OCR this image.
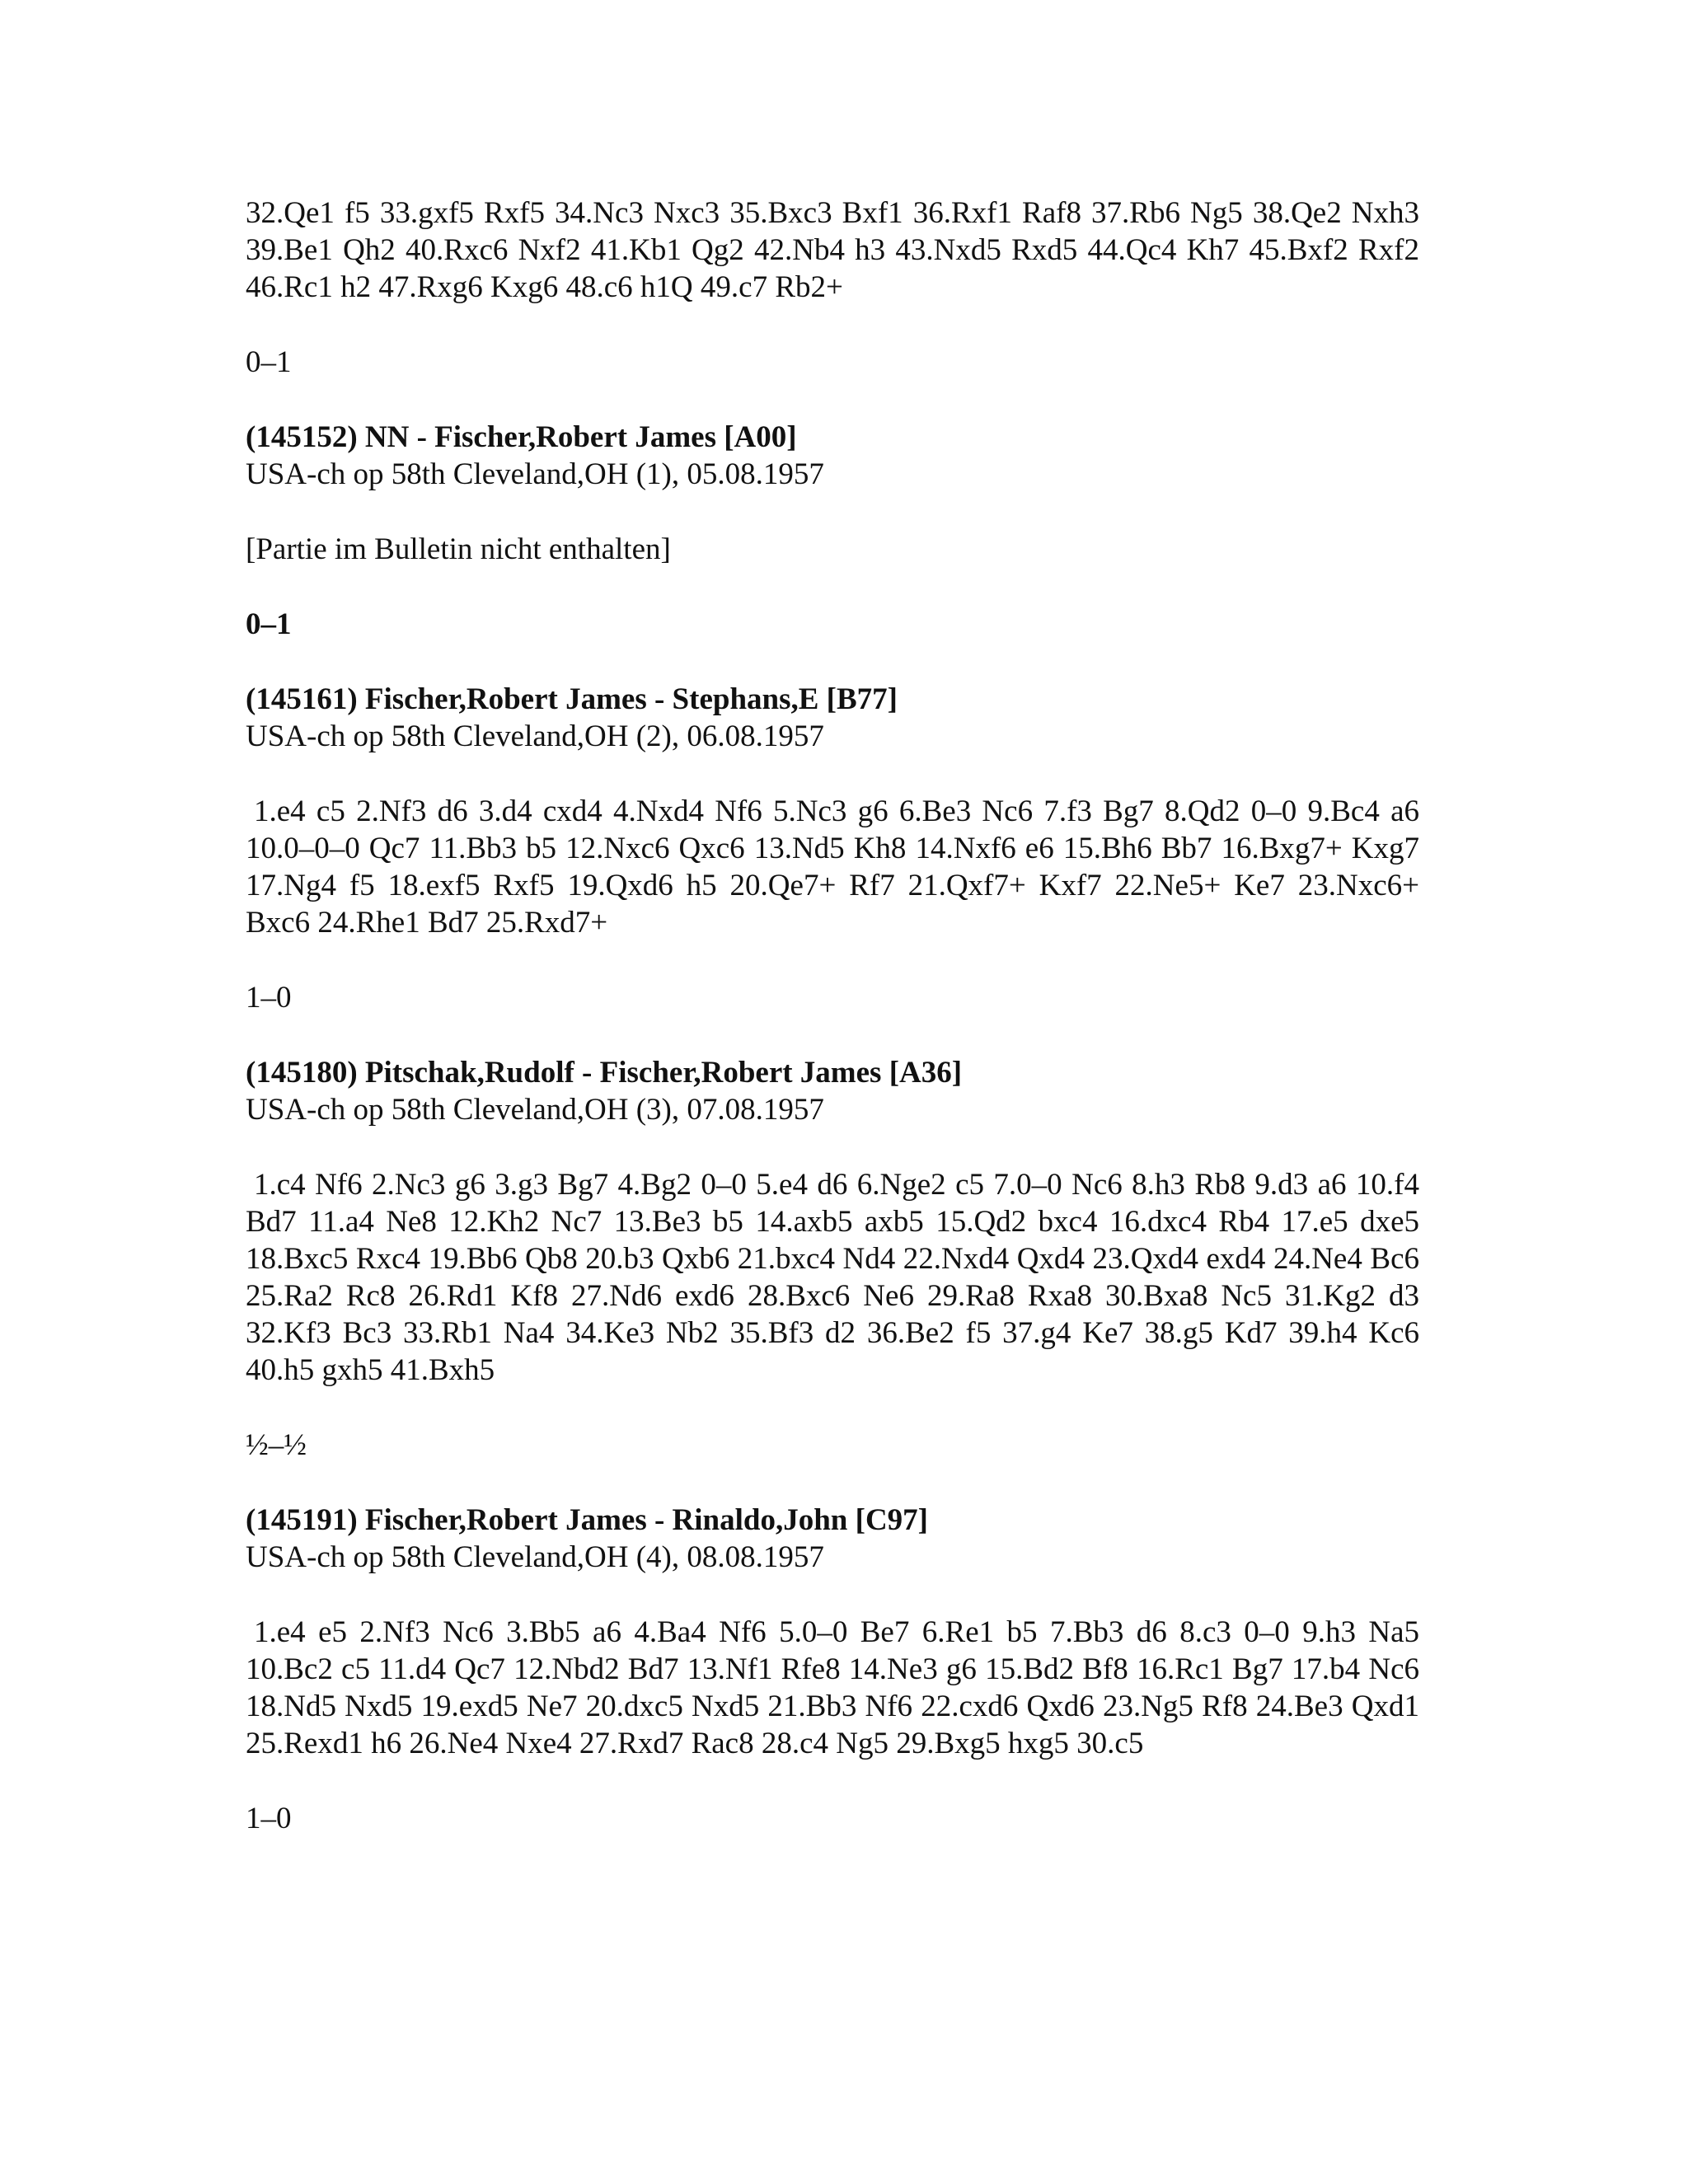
32.Qe1 f5 33.gxf5 Rxf5 34.Nc3 Nxc3 35.Bxc3 Bxf1 36.Rxf1 Raf8 37.Rb6 Ng5 38.Qe2 Nxh3 39.Be1 Qh2 40.Rxc6 Nxf2 41.Kb1 Qg2 42.Nb4 h3 43.Nxd5 Rxd5 44.Qc4 Kh7 45.Bxf2 Rxf2 46.Rc1 h2 47.Rxg6 Kxg6 48.c6 h1Q 49.c7 Rb2+

0–1

(145152) NN - Fischer,Robert James [A00]

USA-ch op 58th Cleveland,OH (1), 05.08.1957

[Partie im Bulletin nicht enthalten]

0–1

(145161) Fischer,Robert James - Stephans,E [B77]

USA-ch op 58th Cleveland,OH (2), 06.08.1957

1.e4 c5 2.Nf3 d6 3.d4 cxd4 4.Nxd4 Nf6 5.Nc3 g6 6.Be3 Nc6 7.f3 Bg7 8.Qd2 0–0 9.Bc4 a6 10.0–0–0 Qc7 11.Bb3 b5 12.Nxc6 Qxc6 13.Nd5 Kh8 14.Nxf6 e6 15.Bh6 Bb7 16.Bxg7+ Kxg7 17.Ng4 f5 18.exf5 Rxf5 19.Qxd6 h5 20.Qe7+ Rf7 21.Qxf7+ Kxf7 22.Ne5+ Ke7 23.Nxc6+ Bxc6 24.Rhe1 Bd7 25.Rxd7+

1–0

(145180) Pitschak,Rudolf - Fischer,Robert James [A36]

USA-ch op 58th Cleveland,OH (3), 07.08.1957

1.c4 Nf6 2.Nc3 g6 3.g3 Bg7 4.Bg2 0–0 5.e4 d6 6.Nge2 c5 7.0–0 Nc6 8.h3 Rb8 9.d3 a6 10.f4 Bd7 11.a4 Ne8 12.Kh2 Nc7 13.Be3 b5 14.axb5 axb5 15.Qd2 bxc4 16.dxc4 Rb4 17.e5 dxe5 18.Bxc5 Rxc4 19.Bb6 Qb8 20.b3 Qxb6 21.bxc4 Nd4 22.Nxd4 Qxd4 23.Qxd4 exd4 24.Ne4 Bc6 25.Ra2 Rc8 26.Rd1 Kf8 27.Nd6 exd6 28.Bxc6 Ne6 29.Ra8 Rxa8 30.Bxa8 Nc5 31.Kg2 d3 32.Kf3 Bc3 33.Rb1 Na4 34.Ke3 Nb2 35.Bf3 d2 36.Be2 f5 37.g4 Ke7 38.g5 Kd7 39.h4 Kc6 40.h5 gxh5 41.Bxh5

½–½

(145191) Fischer,Robert James - Rinaldo,John [C97]

USA-ch op 58th Cleveland,OH (4), 08.08.1957

1.e4 e5 2.Nf3 Nc6 3.Bb5 a6 4.Ba4 Nf6 5.0–0 Be7 6.Re1 b5 7.Bb3 d6 8.c3 0–0 9.h3 Na5 10.Bc2 c5 11.d4 Qc7 12.Nbd2 Bd7 13.Nf1 Rfe8 14.Ne3 g6 15.Bd2 Bf8 16.Rc1 Bg7 17.b4 Nc6 18.Nd5 Nxd5 19.exd5 Ne7 20.dxc5 Nxd5 21.Bb3 Nf6 22.cxd6 Qxd6 23.Ng5 Rf8 24.Be3 Qxd1 25.Rexd1 h6 26.Ne4 Nxe4 27.Rxd7 Rac8 28.c4 Ng5 29.Bxg5 hxg5 30.c5

1–0
